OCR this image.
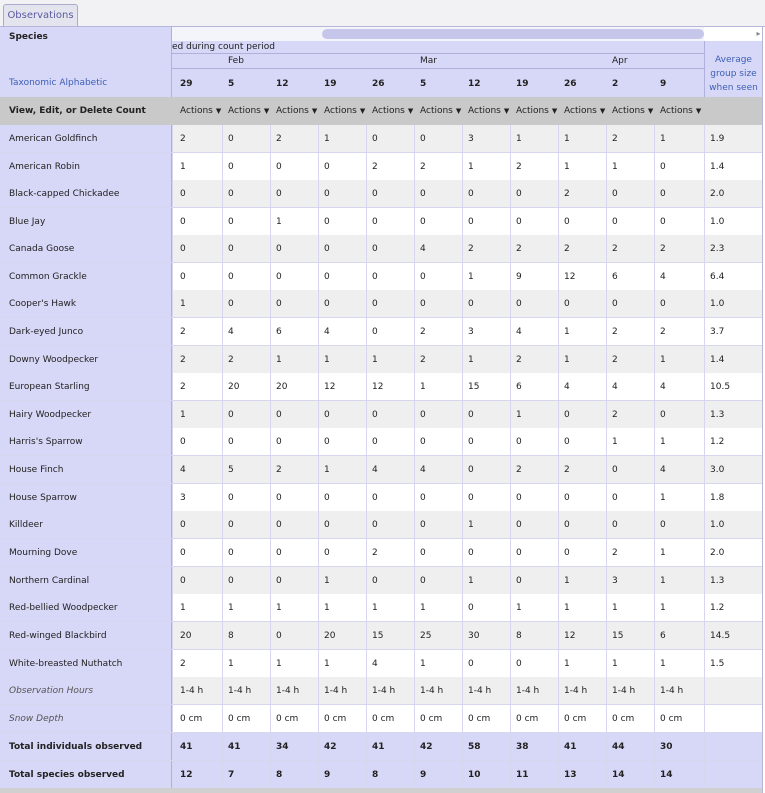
Observations
Species
Taxonomic Alphabetic
▸
ed during count period
Feb	Mar	Apr
29	5	12	19	26	5	12	19	26	2	9
Average
group size
when seen
View, Edit, or Delete Count	Actions ▼ Actions ▼ Actions ▼ Actions ▼ Actions ▼ Actions ▼ Actions ▼ Actions ▼ Actions ▼ Actions ▼ Actions ▼
American Goldfinch	2	0	2	1	0	0	3	1	1	2	1	1.9
American Robin	1	0	0	0	2	2	1	2	1	1	0	1.4
Black-capped Chickadee	0	0	0	0	0	0	0	0	2	0	0	2.0
Blue Jay	0	0	1	0	0	0	0	0	0	0	0	1.0
Canada Goose	0	0	0	0	0	4	2	2	2	2	2	2.3
Common Grackle	0	0	0	0	0	0	1	9	12	6	4	6.4
Cooper's Hawk	1	0	0	0	0	0	0	0	0	0	0	1.0
Dark-eyed Junco	2	4	6	4	0	2	3	4	1	2	2	3.7
Downy Woodpecker	2	2	1	1	1	2	1	2	1	2	1	1.4
European Starling	2	20	20	12	12	1	15	6	4	4	4	10.5
Hairy Woodpecker	1	0	0	0	0	0	0	1	0	2	0	1.3
Harris's Sparrow	0	0	0	0	0	0	0	0	0	1	1	1.2
House Finch	4	5	2	1	4	4	0	2	2	0	4	3.0
House Sparrow	3	0	0	0	0	0	0	0	0	0	1	1.8
Killdeer	0	0	0	0	0	0	1	0	0	0	0	1.0
Mourning Dove	0	0	0	0	2	0	0	0	0	2	1	2.0
Northern Cardinal	0	0	0	1	0	0	1	0	1	3	1	1.3
Red-bellied Woodpecker	1	1	1	1	1	1	0	1	1	1	1	1.2
Red-winged Blackbird	20	8	0	20	15	25	30	8	12	15	6	14.5
White-breasted Nuthatch	2	1	1	1	4	1	0	0	1	1	1	1.5
Observation Hours	1-4 h	1-4 h	1-4 h	1-4 h	1-4 h	1-4 h	1-4 h	1-4 h	1-4 h	1-4 h	1-4 h
Snow Depth	0 cm	0 cm	0 cm	0 cm	0 cm	0 cm	0 cm	0 cm	0 cm	0 cm	0 cm
Total individuals observed	41	41	34	42	41	42	58	38	41	44	30
Total species observed	12	7	8	9	8	9	10	11	13	14	14
